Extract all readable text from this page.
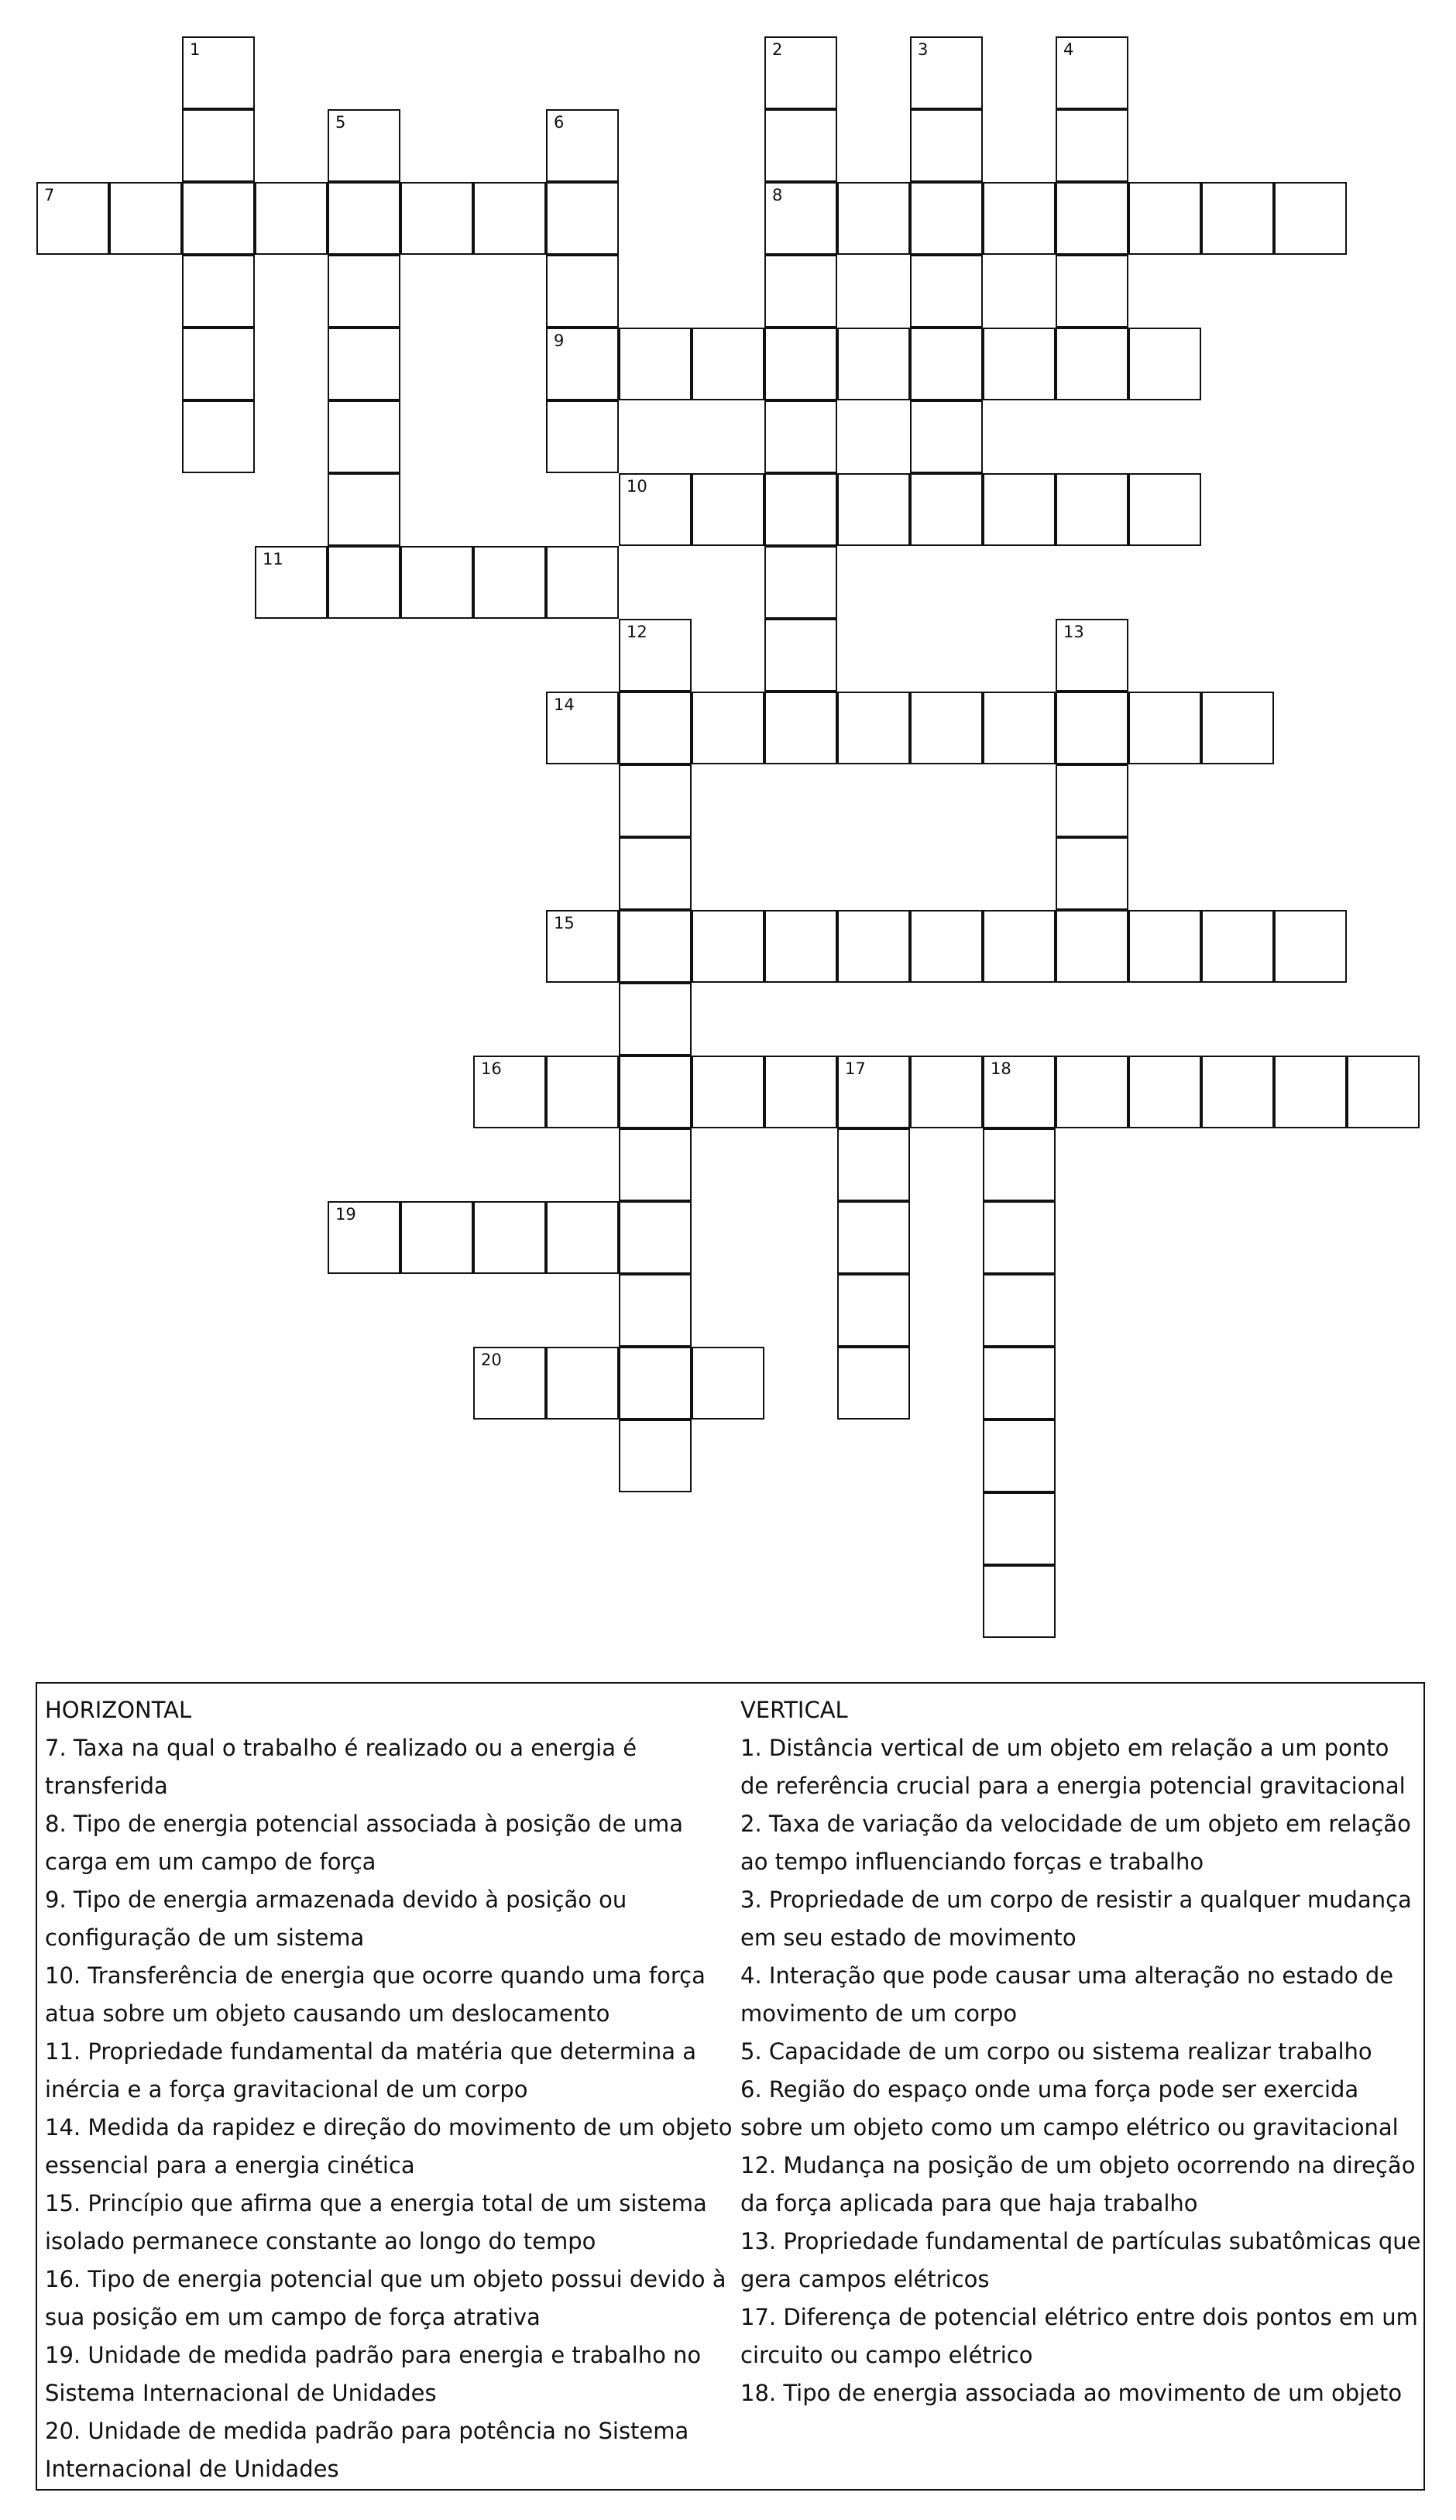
7	8
9
10
11
14
15
16	17	18
19
20
1	2	3	4
5	6
12	13

HORIZONTAL

7. Taxa na qual o trabalho é realizado ou a energia é transferida

8. Tipo de energia potencial associada à posição de uma carga em um campo de força

9. Tipo de energia armazenada devido à posição ou configuração de um sistema

10. Transferência de energia que ocorre quando uma força atua sobre um objeto causando um deslocamento

11. Propriedade fundamental da matéria que determina a inércia e a força gravitacional de um corpo

14. Medida da rapidez e direção do movimento de um objeto essencial para a energia cinética

15. Princípio que afirma que a energia total de um sistema isolado permanece constante ao longo do tempo

16. Tipo de energia potencial que um objeto possui devido à sua posição em um campo de força atrativa

19. Unidade de medida padrão para energia e trabalho no Sistema Internacional de Unidades

20. Unidade de medida padrão para potência no Sistema Internacional de Unidades

VERTICAL

1. Distância vertical de um objeto em relação a um ponto de referência crucial para a energia potencial gravitacional

2. Taxa de variação da velocidade de um objeto em relação ao tempo influenciando forças e trabalho

3. Propriedade de um corpo de resistir a qualquer mudança em seu estado de movimento

4. Interação que pode causar uma alteração no estado de movimento de um corpo

5. Capacidade de um corpo ou sistema realizar trabalho

6. Região do espaço onde uma força pode ser exercida sobre um objeto como um campo elétrico ou gravitacional

12. Mudança na posição de um objeto ocorrendo na direção da força aplicada para que haja trabalho

13. Propriedade fundamental de partículas subatômicas que gera campos elétricos

17. Diferença de potencial elétrico entre dois pontos em um circuito ou campo elétrico

18. Tipo de energia associada ao movimento de um objeto
